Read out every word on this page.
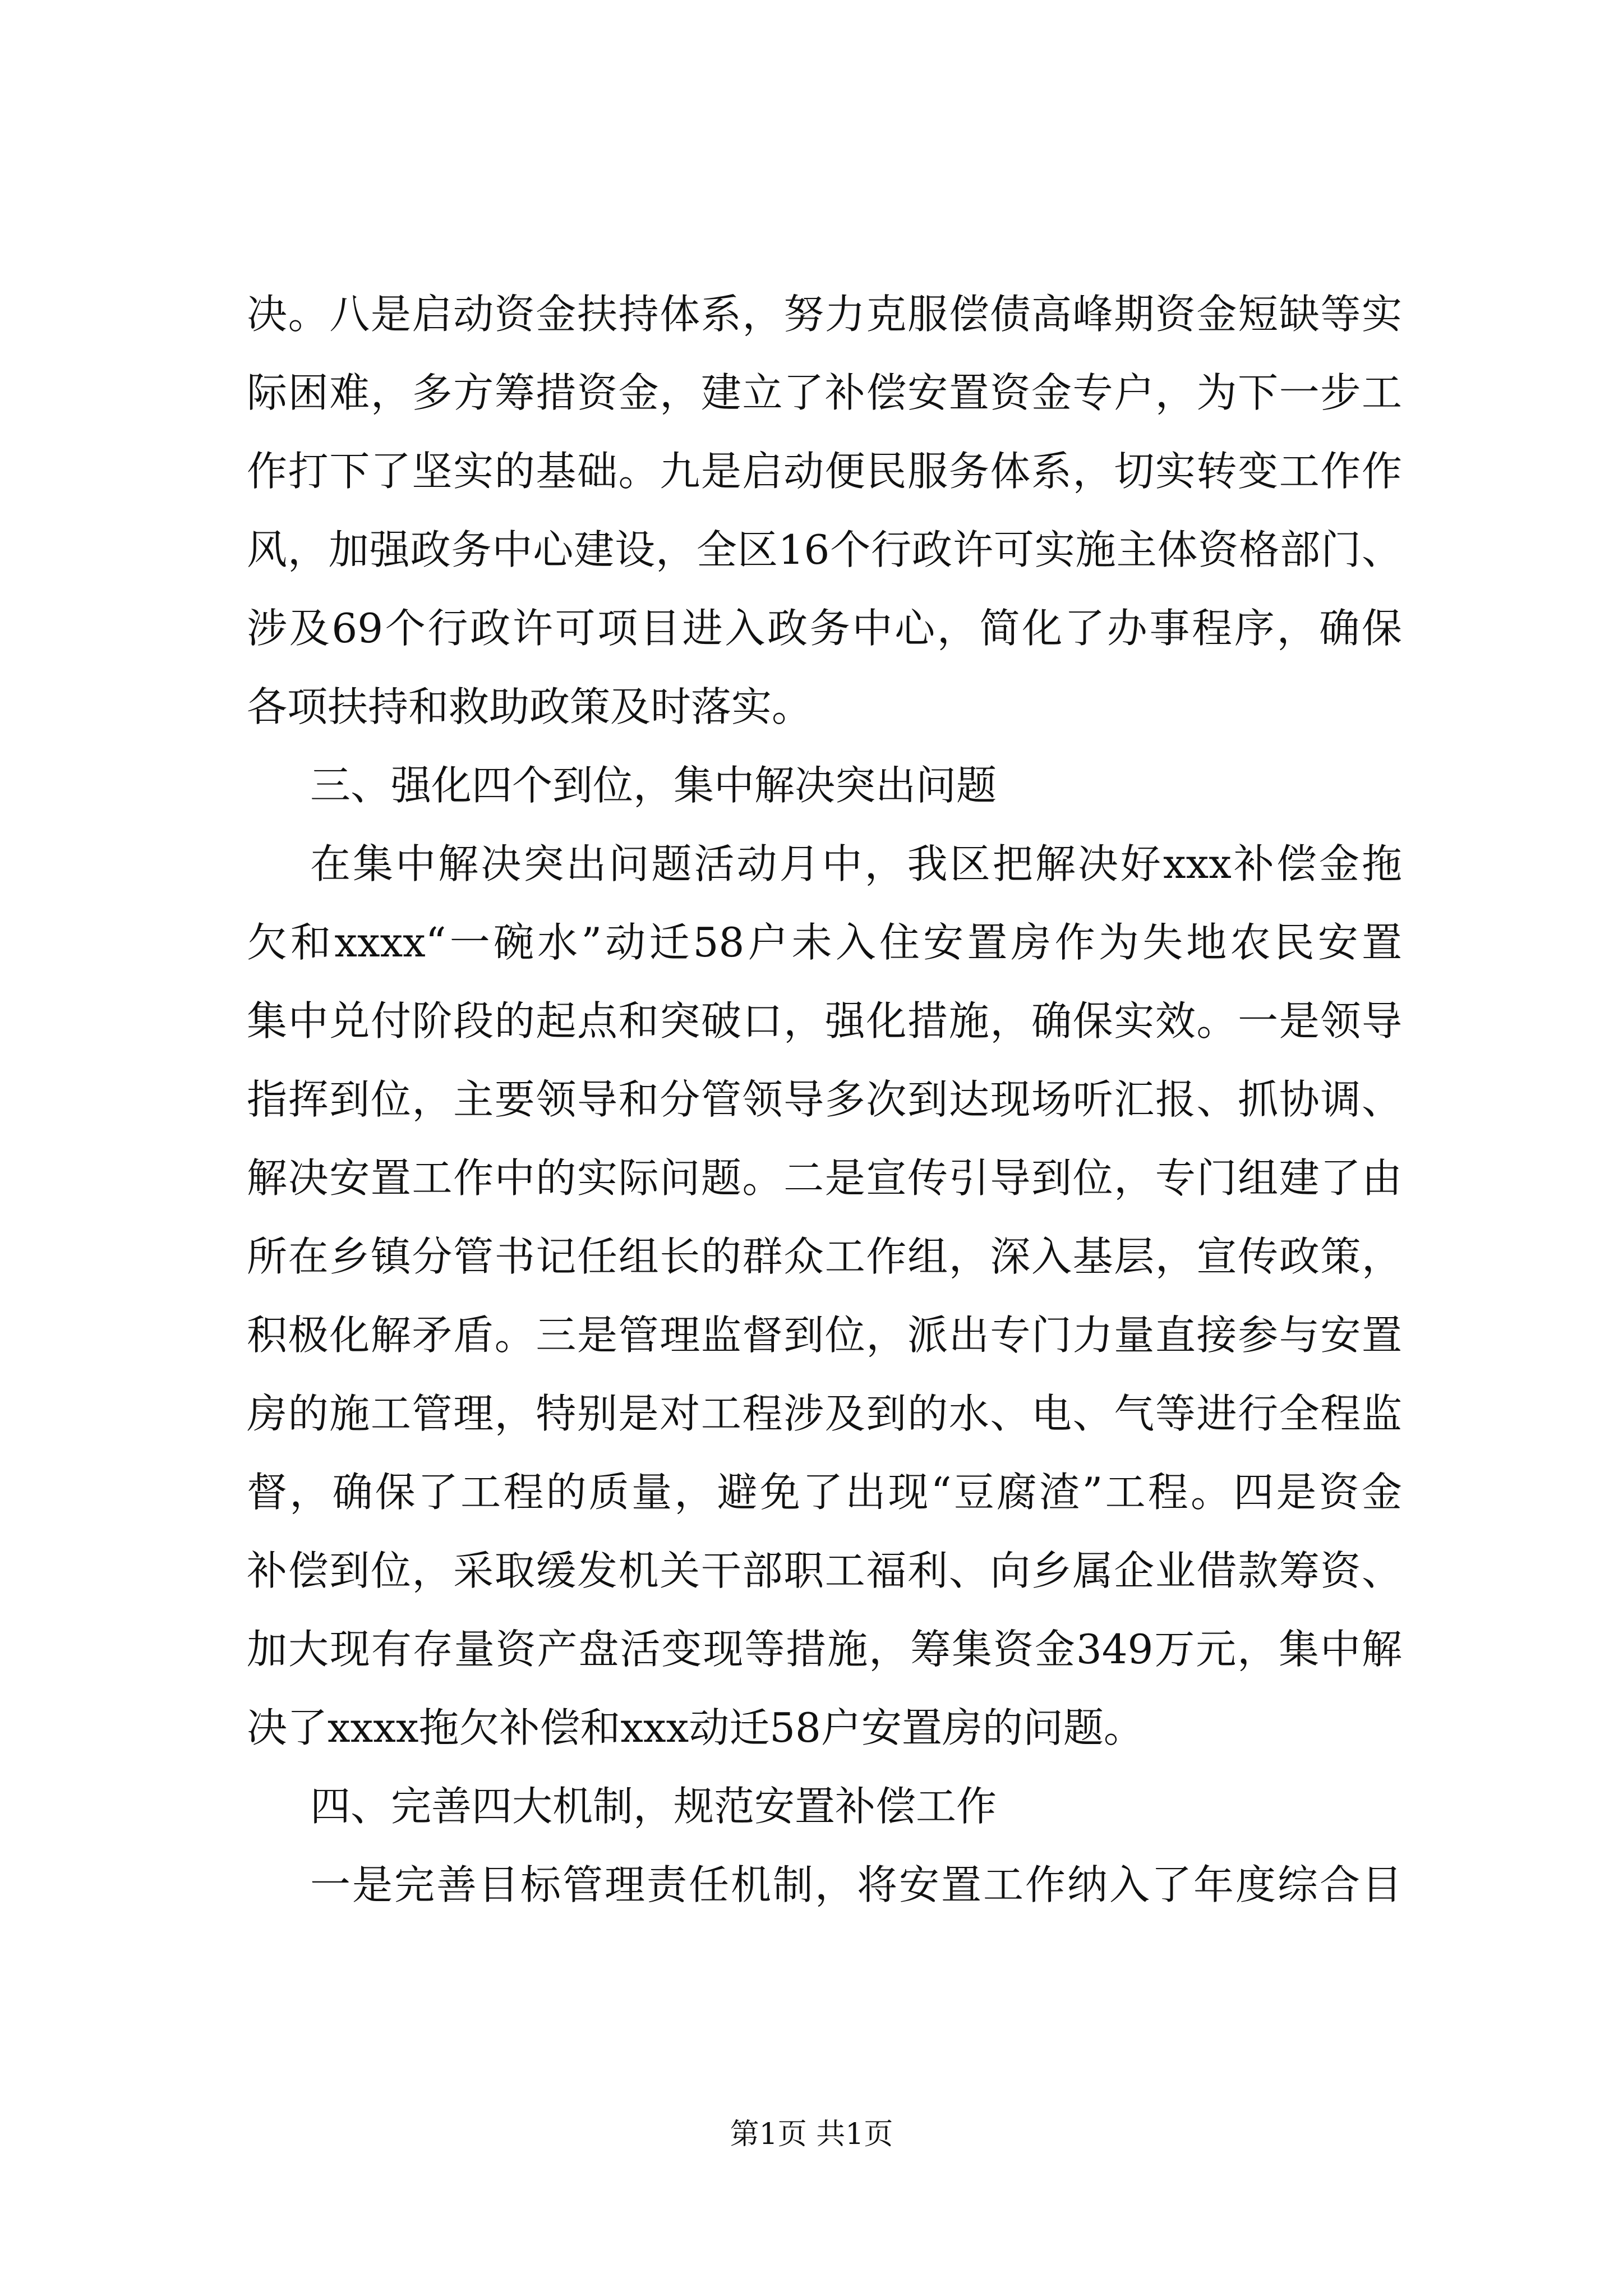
决。八是启动资金扶持体系，努力克服偿债高峰期资金短缺等实
际困难，多方筹措资金，建立了补偿安置资金专户，为下一步工
作打下了坚实的基础。九是启动便民服务体系，切实转变工作作
风，加强政务中心建设，全区16个行政许可实施主体资格部门、
涉及69个行政许可项目进入政务中心，简化了办事程序，确保
各项扶持和救助政策及时落实。
三、强化四个到位，集中解决突出问题
在集中解决突出问题活动月中，我区把解决好xxx补偿金拖
欠和xxxx“一碗水”动迁58户未入住安置房作为失地农民安置
集中兑付阶段的起点和突破口，强化措施，确保实效。一是领导
指挥到位，主要领导和分管领导多次到达现场听汇报、抓协调、
解决安置工作中的实际问题。二是宣传引导到位，专门组建了由
所在乡镇分管书记任组长的群众工作组，深入基层，宣传政策，
积极化解矛盾。三是管理监督到位，派出专门力量直接参与安置
房的施工管理，特别是对工程涉及到的水、电、气等进行全程监
督，确保了工程的质量，避免了出现“豆腐渣”工程。四是资金
补偿到位，采取缓发机关干部职工福利、向乡属企业借款筹资、
加大现有存量资产盘活变现等措施，筹集资金349万元，集中解
决了xxxx拖欠补偿和xxx动迁58户安置房的问题。
四、完善四大机制，规范安置补偿工作
一是完善目标管理责任机制，将安置工作纳入了年度综合目
第1页 共1页
